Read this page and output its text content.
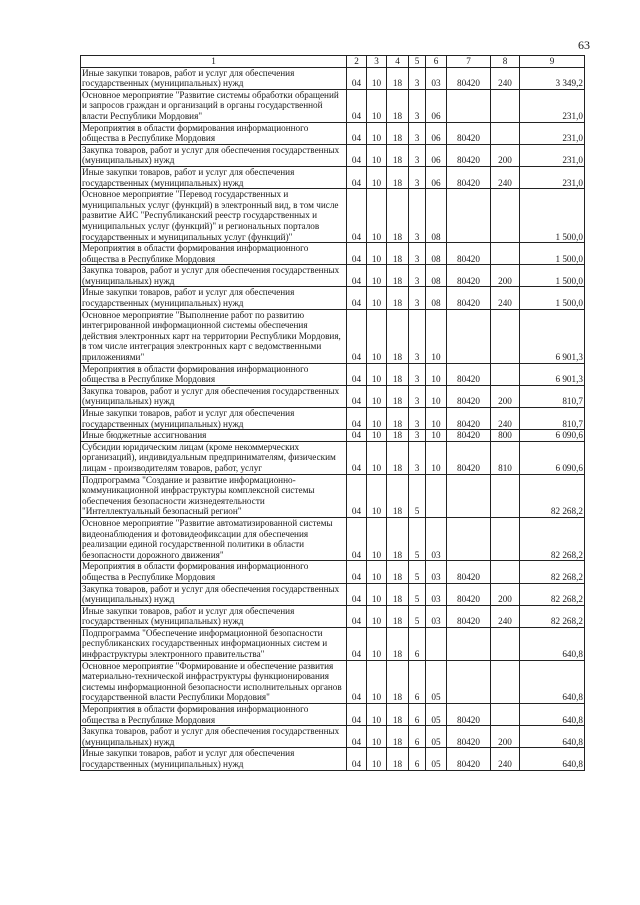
63
1	2	3	4	5	6	7	8	9
Иные закупки товаров, работ и услуг для обеспечения государственных (муниципальных) нужд	04	10	18	3	03	80420	240	3 349,2
Основное мероприятие "Развитие системы обработки обращений и запросов граждан и организаций в органы государственной власти Республики Мордовия"	04	10	18	3	06			231,0
Мероприятия в области формирования информационного общества в Республике Мордовия	04	10	18	3	06	80420		231,0
Закупка товаров, работ и услуг для обеспечения государственных (муниципальных) нужд	04	10	18	3	06	80420	200	231,0
Иные закупки товаров, работ и услуг для обеспечения государственных (муниципальных) нужд	04	10	18	3	06	80420	240	231,0
Основное мероприятие "Перевод государственных и муниципальных услуг (функций) в электронный вид, в том числе развитие АИС "Республиканский реестр государственных и муниципальных услуг (функций)" и региональных порталов государственных и муниципальных услуг (функций)"	04	10	18	3	08			1 500,0
Мероприятия в области формирования информационного общества в Республике Мордовия	04	10	18	3	08	80420		1 500,0
Закупка товаров, работ и услуг для обеспечения государственных (муниципальных) нужд	04	10	18	3	08	80420	200	1 500,0
Иные закупки товаров, работ и услуг для обеспечения государственных (муниципальных) нужд	04	10	18	3	08	80420	240	1 500,0
Основное мероприятие "Выполнение работ по развитию интегрированной информационной системы обеспечения действия электронных карт на территории Республики Мордовия, в том числе интеграция электронных карт с ведомственными приложениями"	04	10	18	3	10			6 901,3
Мероприятия в области формирования информационного общества в Республике Мордовия	04	10	18	3	10	80420		6 901,3
Закупка товаров, работ и услуг для обеспечения государственных (муниципальных) нужд	04	10	18	3	10	80420	200	810,7
Иные закупки товаров, работ и услуг для обеспечения государственных (муниципальных) нужд	04	10	18	3	10	80420	240	810,7
Иные бюджетные ассигнования	04	10	18	3	10	80420	800	6 090,6
Субсидии юридическим лицам (кроме некоммерческих организаций), индивидуальным предпринимателям, физическим лицам - производителям товаров, работ, услуг	04	10	18	3	10	80420	810	6 090,6
Подпрограмма "Создание и развитие информационно-коммуникационной инфраструктуры комплексной системы обеспечения безопасности жизнедеятельности "Интеллектуальный безопасный регион"	04	10	18	5				82 268,2
Основное мероприятие "Развитие автоматизированной системы видеонаблюдения и фотовидеофиксации для обеспечения реализации единой государственной политики в области безопасности дорожного движения"	04	10	18	5	03			82 268,2
Мероприятия в области формирования информационного общества в Республике Мордовия	04	10	18	5	03	80420		82 268,2
Закупка товаров, работ и услуг для обеспечения государственных (муниципальных) нужд	04	10	18	5	03	80420	200	82 268,2
Иные закупки товаров, работ и услуг для обеспечения государственных (муниципальных) нужд	04	10	18	5	03	80420	240	82 268,2
Подпрограмма "Обеспечение информационной безопасности республиканских государственных информационных систем и инфраструктуры электронного правительства"	04	10	18	6				640,8
Основное мероприятие "Формирование и обеспечение развития материально-технической инфраструктуры функционирования системы информационной безопасности исполнительных органов государственной власти Республики Мордовия"	04	10	18	6	05			640,8
Мероприятия в области формирования информационного общества в Республике Мордовия	04	10	18	6	05	80420		640,8
Закупка товаров, работ и услуг для обеспечения государственных (муниципальных) нужд	04	10	18	6	05	80420	200	640,8
Иные закупки товаров, работ и услуг для обеспечения государственных (муниципальных) нужд	04	10	18	6	05	80420	240	640,8
